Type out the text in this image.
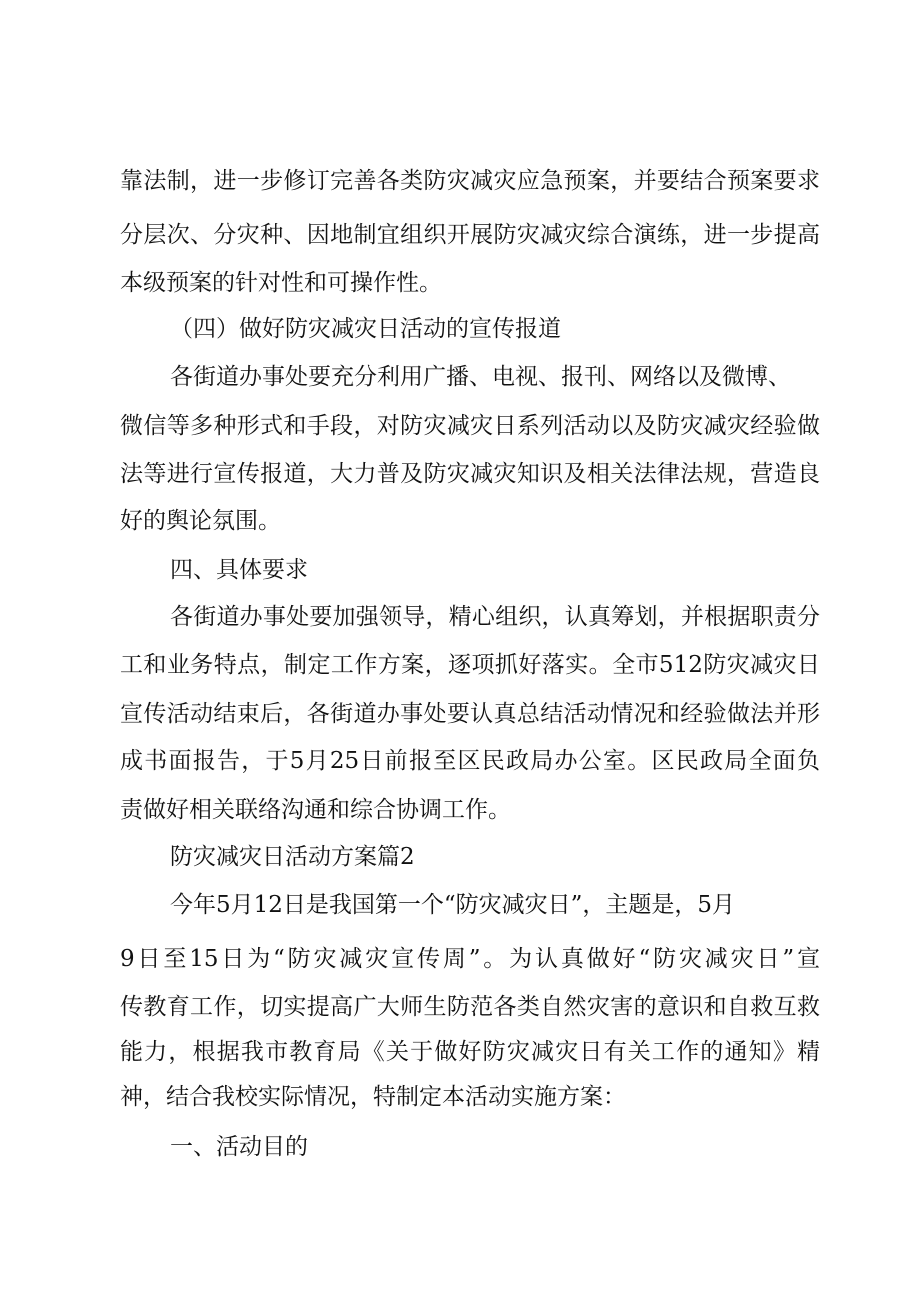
靠法制，进一步修订完善各类防灾减灾应急预案，并要结合预案要求
分层次、分灾种、因地制宜组织开展防灾减灾综合演练，进一步提高
本级预案的针对性和可操作性。
（四）做好防灾减灾日活动的宣传报道
各街道办事处要充分利用广播、电视、报刊、网络以及微博、
微信等多种形式和手段，对防灾减灾日系列活动以及防灾减灾经验做
法等进行宣传报道，大力普及防灾减灾知识及相关法律法规，营造良
好的舆论氛围。
四、具体要求
各街道办事处要加强领导，精心组织，认真筹划，并根据职责分
工和业务特点，制定工作方案，逐项抓好落实。全市512防灾减灾日
宣传活动结束后，各街道办事处要认真总结活动情况和经验做法并形
成书面报告，于5月25日前报至区民政局办公室。区民政局全面负
责做好相关联络沟通和综合协调工作。
防灾减灾日活动方案篇2
今年5月12日是我国第一个“防灾减灾日”，主题是，5月
9日至15日为“防灾减灾宣传周”。为认真做好“防灾减灾日”宣
传教育工作，切实提高广大师生防范各类自然灾害的意识和自救互救
能力，根据我市教育局《关于做好防灾减灾日有关工作的通知》精
神，结合我校实际情况，特制定本活动实施方案：
一、活动目的
